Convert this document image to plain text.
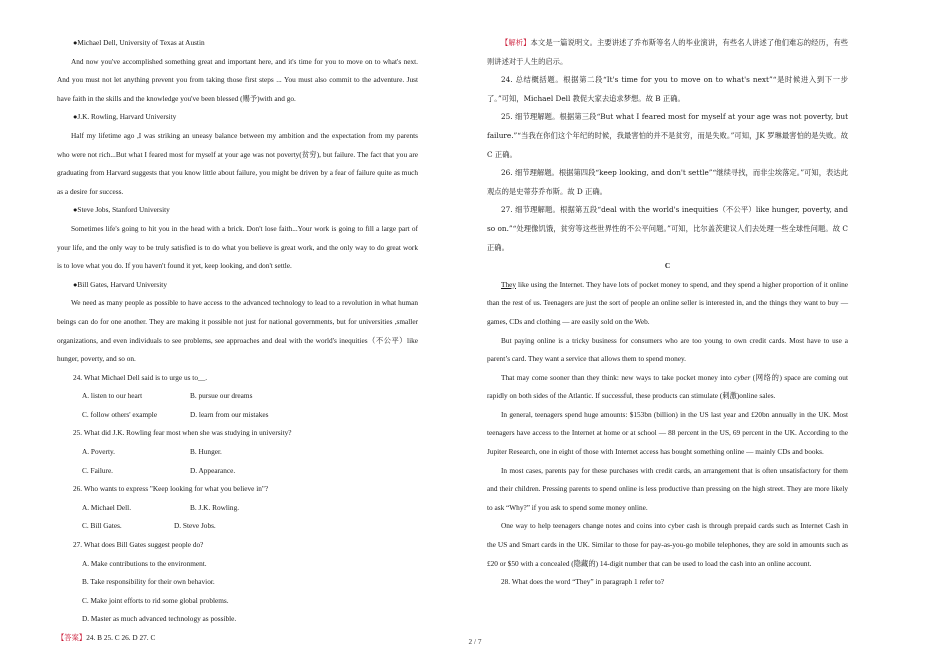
●Michael Dell, University of Texas at Austin

And now you've accomplished something great and important here, and it's time for you to move on to what's next. And you must not let anything prevent you from taking those first steps ... You must also commit to the adventure. Just have faith in the skills and the knowledge you've been blessed (赐予)with and go.

●J.K. Rowling, Harvard University

Half my lifetime ago ,I was striking an uneasy balance between my ambition and the expectation from my parents who were not rich...But what I feared most for myself at your age was not poverty(贫穷), but failure. The fact that you are graduating from Harvard suggests that you know little about failure, you might be driven by a fear of failure quite as much as a desire for success.

●Steve Jobs, Stanford University

Sometimes life's going to hit you in the head with a brick. Don't lose faith...Your work is going to fill a large part of your life, and the only way to be truly satisfied is to do what you believe is great work, and the only way to do great work is to love what you do. If you haven't found it yet, keep looking, and don't settle.

●Bill Gates, Harvard University

We need as many people as possible to have access to the advanced technology to lead to a revolution in what human beings can do for one another. They are making it possible not just for national governments, but for universities ,smaller organizations, and even individuals to see problems, see approaches and deal with the world's inequities（不公平）like hunger, poverty, and so on.

24. What Michael Dell said is to urge us to__.

A. listen to our heart	B. pursue our dreams

C. follow others' example	D. learn from our mistakes

25. What did J.K. Rowling fear most when she was studying in university?

A. Poverty.	B. Hunger.

C. Failure.	D. Appearance.

26. Who wants to express "Keep looking for what you believe in"?

A. Michael Dell.	B. J.K. Rowling.

C. Bill Gates.	D. Steve Jobs.

27. What does Bill Gates suggest people do?

A. Make contributions to the environment.

B. Take responsibility for their own behavior.

C. Make joint efforts to rid some global problems.

D. Master as much advanced technology as possible.

【答案】24. B 25. C 26. D 27. C

【解析】本文是一篇说明文。主要讲述了乔布斯等名人的毕业演讲，有些名人讲述了他们难忘的经历，有些则讲述对于人生的启示。

24. 总结概括题。根据第二段“It's time for you to move on to what's next”“是时候进入到下一步了。”可知，Michael Dell 教促大家去追求梦想。故 B 正确。

25. 细节理解题。根据第三段“But what I feared most for myself at your age was not poverty, but failure.”“当我在你们这个年纪的时候，我最害怕的并不是贫穷，而是失败。”可知，JK 罗琳最害怕的是失败。故 C 正确。

26. 细节理解题。根据第四段“keep looking, and don't settle”“继续寻找，而非尘埃落定。”可知，表达此观点的是史蒂芬乔布斯。故 D 正确。

27. 细节理解题。根据第五段“deal with the world's inequities（不公平）like hunger, poverty, and so on.”“处理像饥饿，贫穷等这些世界性的不公平问题。”可知，比尔盖茨建议人们去处理一些全球性问题。故 C 正确。

C

They like using the Internet. They have lots of pocket money to spend, and they spend a higher proportion of it online than the rest of us. Teenagers are just the sort of people an online seller is interested in, and the things they want to buy — games, CDs and clothing — are easily sold on the Web.

But paying online is a tricky business for consumers who are too young to own credit cards. Most have to use a parent’s card. They want a service that allows them to spend money.

That may come sooner than they think: new ways to take pocket money into cyber (网络的) space are coming out rapidly on both sides of the Atlantic. If successful, these products can stimulate (刺激)online sales.

In general, teenagers spend huge amounts: $153bn (billion) in the US last year and £20bn annually in the UK. Most teenagers have access to the Internet at home or at school — 88 percent in the US, 69 percent in the UK. According to the Jupiter Research, one in eight of those with Internet access has bought something online — mainly CDs and books.

In most cases, parents pay for these purchases with credit cards, an arrangement that is often unsatisfactory for them and their children. Pressing parents to spend online is less productive than pressing on the high street. They are more likely to ask “Why?” if you ask to spend some money online.

One way to help teenagers change notes and coins into cyber cash is through prepaid cards such as Internet Cash in the US and Smart cards in the UK. Similar to those for pay-as-you-go mobile telephones, they are sold in amounts such as £20 or $50 with a concealed (隐藏的) 14-digit number that can be used to load the cash into an online account.

28. What does the word “They” in paragraph 1 refer to?

2 / 7
